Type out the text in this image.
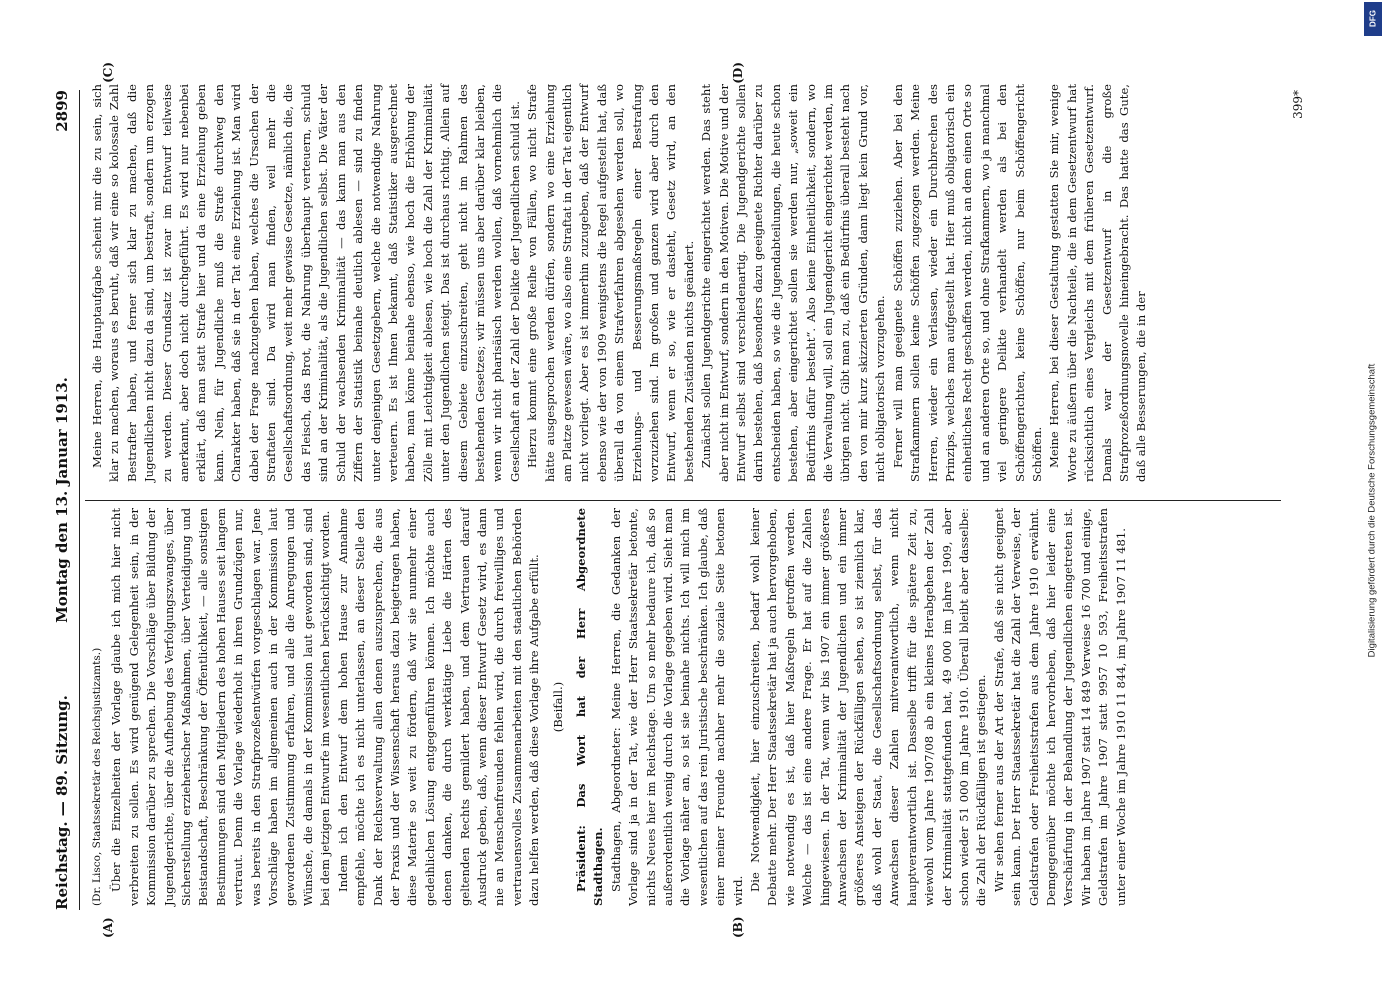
Reichstag. — 89. Sitzung.
Montag den 13. Januar 1913.
2899
(A)	(B)
(C)	(D)
(Dr. Lisco, Staatssekretär des Reichsjustizamts.) Über die Einzelheiten der Vorlage glaube ich mich hier nicht verbreiten zu sollen. Es wird genügend Gelegenheit sein, in der Kommission darüber zu sprechen. Die Vorschläge über Bildung der Jugendgerichte, über die Aufhebung des Verfolgungszwanges, über Sicherstellung erzieherischer Maßnahmen, über Verteidigung und Beistandschaft, Beschränkung der Öffentlichkeit, — alle sonstigen Bestimmungen sind den Mitgliedern des hohen Hauses seit langem vertraut. Denn die Vorlage wiederholt in ihren Grundzügen nur, was bereits in den Strafprozeßentwürfen vorgeschlagen war. Jene Vorschläge haben im allgemeinen auch in der Kommission laut gewordenen Zustimmung erfahren, und alle die Anregungen und Wünsche, die damals in der Kommission laut geworden sind, sind bei dem jetzigen Entwurfe im wesentlichen berücksichtigt worden. Indem ich den Entwurf dem hohen Hause zur Annahme empfehle, möchte ich es nicht unterlassen, an dieser Stelle den Dank der Reichsverwaltung allen denen auszusprechen, die aus der Praxis und der Wissenschaft heraus dazu beigetragen haben, diese Materie so weit zu fördern, daß wir sie nunmehr einer gedeihlichen Lösung entgegenführen können. Ich möchte auch denen danken, die durch werktätige Liebe die Härten des geltenden Rechts gemildert haben, und dem Vertrauen darauf Ausdruck geben, daß, wenn dieser Entwurf Gesetz wird, es dann nie an Menschenfreunden fehlen wird, die durch freiwilliges und vertrauensvolles Zusammenarbeiten mit den staatlichen Behörden dazu helfen werden, daß diese Vorlage ihre Aufgabe erfüllt. (Beifall.) Präsident: Das Wort hat der Herr Abgeordnete Stadthagen. Stadthagen, Abgeordneter: Meine Herren, die Gedanken der Vorlage sind ja in der Tat, wie der Herr Staatssekretär betonte, nichts Neues hier im Reichstage. Um so mehr bedaure ich, daß so außerordentlich wenig durch die Vorlage gegeben wird. Sieht man die Vorlage näher an, so ist sie beinahe nichts. Ich will mich im wesentlichen auf das rein Juristische beschränken. Ich glaube, daß einer meiner Freunde nachher mehr die soziale Seite betonen wird. Die Notwendigkeit, hier einzuschreiten, bedarf wohl keiner Debatte mehr. Der Herr Staatssekretär hat ja auch hervorgehoben, wie notwendig es ist, daß hier Maßregeln getroffen werden. Welche — das ist eine andere Frage. Er hat auf die Zahlen hingewiesen. In der Tat, wenn wir bis 1907 ein immer größeres Anwachsen der Kriminalität der Jugendlichen und ein immer größeres Ansteigen der Rückfälligen sehen, so ist ziemlich klar, daß wohl der Staat, die Gesellschaftsordnung selbst, für das Anwachsen dieser Zahlen mitverantwortlich, wenn nicht hauptverantwortlich ist. Dasselbe trifft für die spätere Zeit zu, wiewohl vom Jahre 1907/08 ab ein kleines Herabgehen der Zahl der Kriminalität stattgefunden hat, 49 000 im Jahre 1909, aber schon wieder 51 000 im Jahre 1910. Überall bleibt aber dasselbe: die Zahl der Rückfälligen ist gestiegen. Wir sehen ferner aus der Art der Strafe, daß sie nicht geeignet sein kann. Der Herr Staatssekretär hat die Zahl der Verweise, der Geldstrafen oder Freiheitsstrafen aus dem Jahre 1910 erwähnt. Demgegenüber möchte ich hervorheben, daß hier leider eine Verschärfung in der Behandlung der Jugendlichen eingetreten ist. Wir haben im Jahre 1907 statt 14 849 Verweise 16 700 und einige, Geldstrafen im Jahre 1907 statt 9957 10 593, Freiheitsstrafen unter einer Woche im Jahre 1910 11 844, im Jahre 1907 11 481.

Meine Herren, die Hauptaufgabe scheint mir die zu sein, sich klar zu machen, woraus es beruht, daß wir eine so kolossale Zahl Bestrafter haben, und ferner sich klar zu machen, daß die Jugendlichen nicht dazu da sind, um bestraft, sondern um erzogen zu werden. Dieser Grundsatz ist zwar im Entwurf teilweise anerkannt, aber doch nicht durchgeführt. Es wird nur nebenbei erklärt, daß man statt Strafe hier und da eine Erziehung geben kann. Nein, für Jugendliche muß die Strafe durchweg den Charakter haben, daß sie in der Tat eine Erziehung ist. Man wird dabei der Frage nachzugehen haben, welches die Ursachen der Straftaten sind. Da wird man finden, weil mehr die Gesellschaftsordnung, weit mehr gewisse Gesetze, nämlich die, die das Fleisch, das Brot, die Nahrung überhaupt verteuern, schuld sind an der Kriminalität, als die Jugendlichen selbst. Die Väter der Schuld der wachsenden Kriminalität — das kann man aus den Ziffern der Statistik beinahe deutlich ablesen — sind zu finden unter denjenigen Gesetzgebern, welche die notwendige Nahrung verteuern. Es ist Ihnen bekannt, daß Statistiker ausgerechnet haben, man könne beinahe ebenso, wie hoch die Erhöhung der Zölle mit Leichtigkeit ablesen, wie hoch die Zahl der Kriminalität unter den Jugendlichen steigt. Das ist durchaus richtig. Allein auf diesem Gebiete einzuschreiten, geht nicht im Rahmen des bestehenden Gesetzes; wir müssen uns aber darüber klar bleiben, wenn wir nicht pharisäisch werden wollen, daß vornehmlich die Gesellschaft an der Zahl der Delikte der Jugendlichen schuld ist. Hierzu kommt eine große Reihe von Fällen, wo nicht Strafe hätte ausgesprochen werden dürfen, sondern wo eine Erziehung am Platze gewesen wäre, wo also eine Straftat in der Tat eigentlich nicht vorliegt. Aber es ist immerhin zuzugeben, daß der Entwurf ebenso wie der von 1909 wenigstens die Regel aufgestellt hat, daß überall da von einem Strafverfahren abgesehen werden soll, wo Erziehungs- und Besserungsmaßregeln einer Bestrafung vorzuziehen sind. Im großen und ganzen wird aber durch den Entwurf, wenn er so, wie er dasteht, Gesetz wird, an den bestehenden Zuständen nichts geändert. Zunächst sollen Jugendgerichte eingerichtet werden. Das steht aber nicht im Entwurf, sondern in den Motiven. Die Motive und der Entwurf selbst sind verschiedenartig. Die Jugendgerichte sollen darin bestehen, daß besonders dazu geeignete Richter darüber zu entscheiden haben, so wie die Jugendabteilungen, die heute schon bestehen, aber eingerichtet sollen sie werden nur, „soweit ein Bedürfnis dafür besteht“. Also keine Einheitlichkeit, sondern, wo die Verwaltung will, soll ein Jugendgericht eingerichtet werden, im übrigen nicht. Gibt man zu, daß ein Bedürfnis überall besteht nach den von mir kurz skizzierten Gründen, dann liegt kein Grund vor, nicht obligatorisch vorzugehen. Ferner will man geeignete Schöffen zuziehen. Aber bei den Strafkammern sollen keine Schöffen zugezogen werden. Meine Herren, wieder ein Verlassen, wieder ein Durchbrechen des Prinzips, welches man aufgestellt hat. Hier muß obligatorisch ein einheitliches Recht geschaffen werden, nicht an dem einen Orte so und an anderen Orte so, und ohne Strafkammern, wo ja manchmal viel geringere Delikte verhandelt werden als bei den Schöffengerichten, keine Schöffen, nur beim Schöffengericht Schöffen. Meine Herren, bei dieser Gestaltung gestatten Sie mir, wenige Worte zu äußern über die Nachteile, die in dem Gesetzentwurf hat rücksichtlich eines Vergleichs mit dem früheren Gesetzentwurf. Damals war der Gesetzentwurf in die große Strafprozeßordnungsnovelle hineingebracht. Das hatte das Gute, daß alle Besserungen, die in der

399*
Digitalisierung gefördert durch die Deutsche Forschungsgemeinschaft
DFG
